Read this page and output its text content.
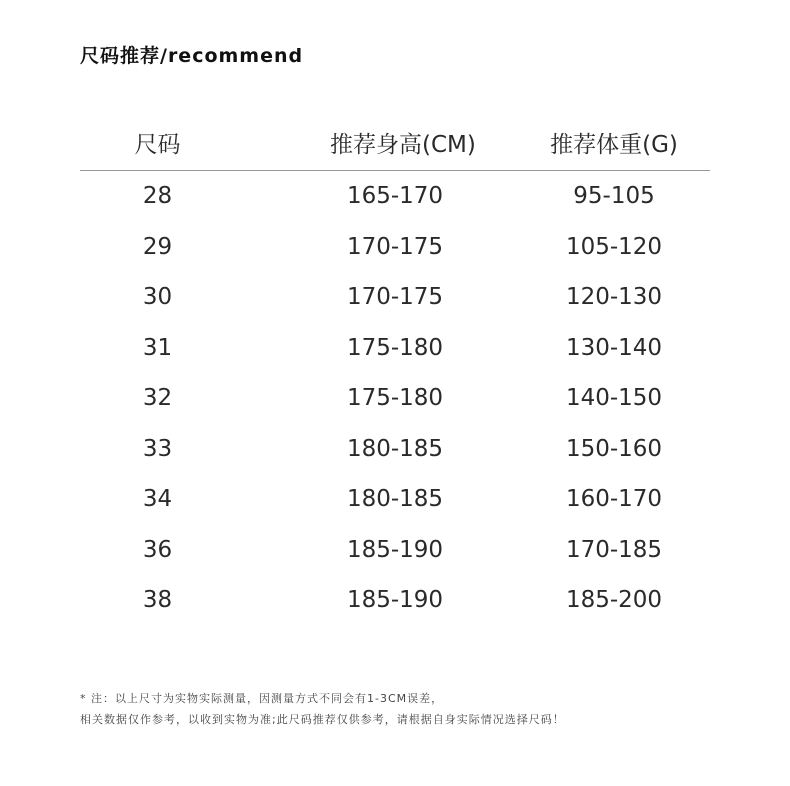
尺码推荐/recommend
尺码	推荐身高(CM)	推荐体重(G)
28	165-170	95-105
29	170-175	105-120
30	170-175	120-130
31	175-180	130-140
32	175-180	140-150
33	180-185	150-160
34	180-185	160-170
36	185-190	170-185
38	185-190	185-200
* 注：以上尺寸为实物实际测量，因测量方式不同会有1-3CM误差，
相关数据仅作参考，以收到实物为准;此尺码推荐仅供参考，请根据自身实际情况选择尺码！
